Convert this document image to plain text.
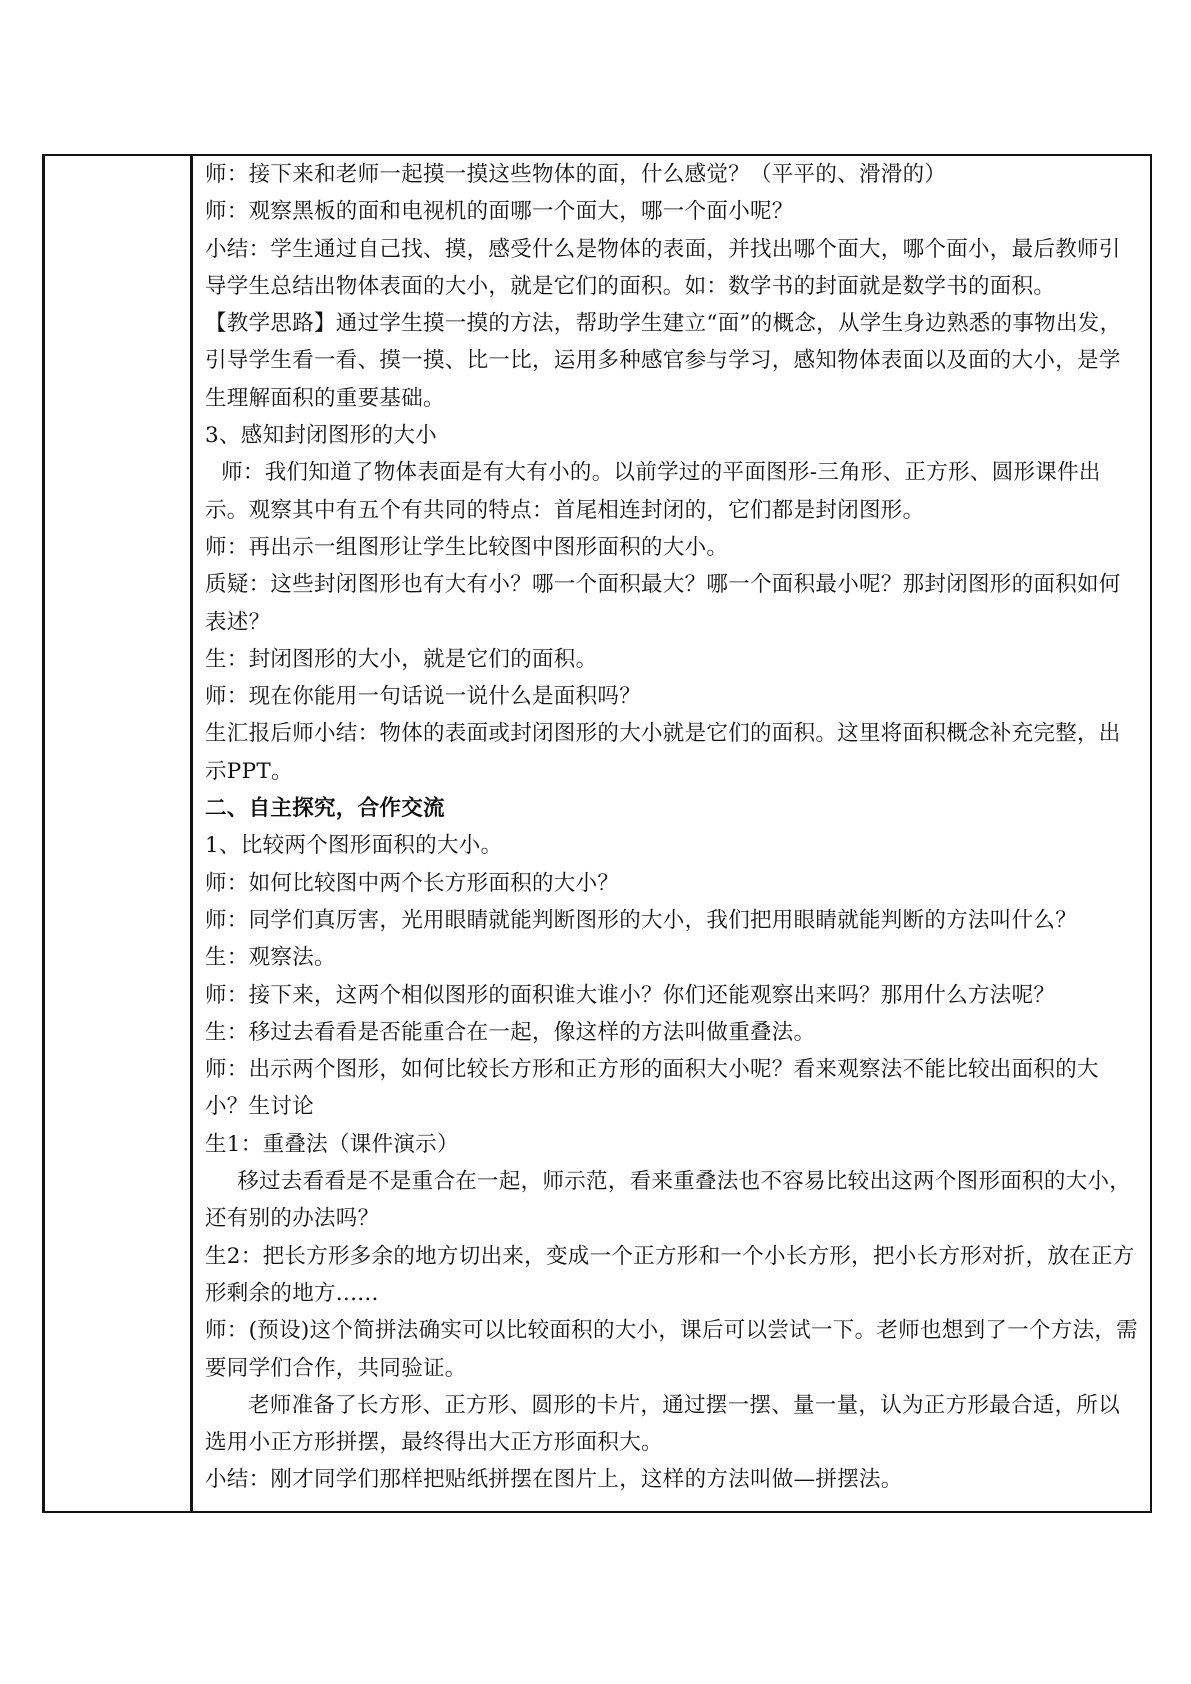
师：接下来和老师一起摸一摸这些物体的面，什么感觉？（平平的、滑滑的）

师：观察黑板的面和电视机的面哪一个面大，哪一个面小呢？

小结：学生通过自己找、摸，感受什么是物体的表面，并找出哪个面大，哪个面小，最后教师引导学生总结出物体表面的大小，就是它们的面积。如：数学书的封面就是数学书的面积。

【教学思路】通过学生摸一摸的方法，帮助学生建立“面”的概念，从学生身边熟悉的事物出发，引导学生看一看、摸一摸、比一比，运用多种感官参与学习，感知物体表面以及面的大小，是学生理解面积的重要基础。

3、感知封闭图形的大小

师：我们知道了物体表面是有大有小的。以前学过的平面图形-三角形、正方形、圆形课件出示。观察其中有五个有共同的特点：首尾相连封闭的，它们都是封闭图形。

师：再出示一组图形让学生比较图中图形面积的大小。

质疑：这些封闭图形也有大有小？哪一个面积最大？哪一个面积最小呢？那封闭图形的面积如何表述？

生：封闭图形的大小，就是它们的面积。

师：现在你能用一句话说一说什么是面积吗？

生汇报后师小结：物体的表面或封闭图形的大小就是它们的面积。这里将面积概念补充完整，出示PPT。

二、自主探究，合作交流

1、比较两个图形面积的大小。

师：如何比较图中两个长方形面积的大小？

师：同学们真厉害，光用眼睛就能判断图形的大小，我们把用眼睛就能判断的方法叫什么？

生：观察法。

师：接下来，这两个相似图形的面积谁大谁小？你们还能观察出来吗？那用什么方法呢？

生：移过去看看是否能重合在一起，像这样的方法叫做重叠法。

师：出示两个图形，如何比较长方形和正方形的面积大小呢？看来观察法不能比较出面积的大小？生讨论

生1：重叠法（课件演示）

移过去看看是不是重合在一起，师示范，看来重叠法也不容易比较出这两个图形面积的大小，还有别的办法吗？

生2：把长方形多余的地方切出来，变成一个正方形和一个小长方形，把小长方形对折，放在正方形剩余的地方......

师：(预设)这个简拼法确实可以比较面积的大小，课后可以尝试一下。老师也想到了一个方法，需要同学们合作，共同验证。

老师准备了长方形、正方形、圆形的卡片，通过摆一摆、量一量，认为正方形最合适，所以选用小正方形拼摆，最终得出大正方形面积大。

小结：刚才同学们那样把贴纸拼摆在图片上，这样的方法叫做—拼摆法。
